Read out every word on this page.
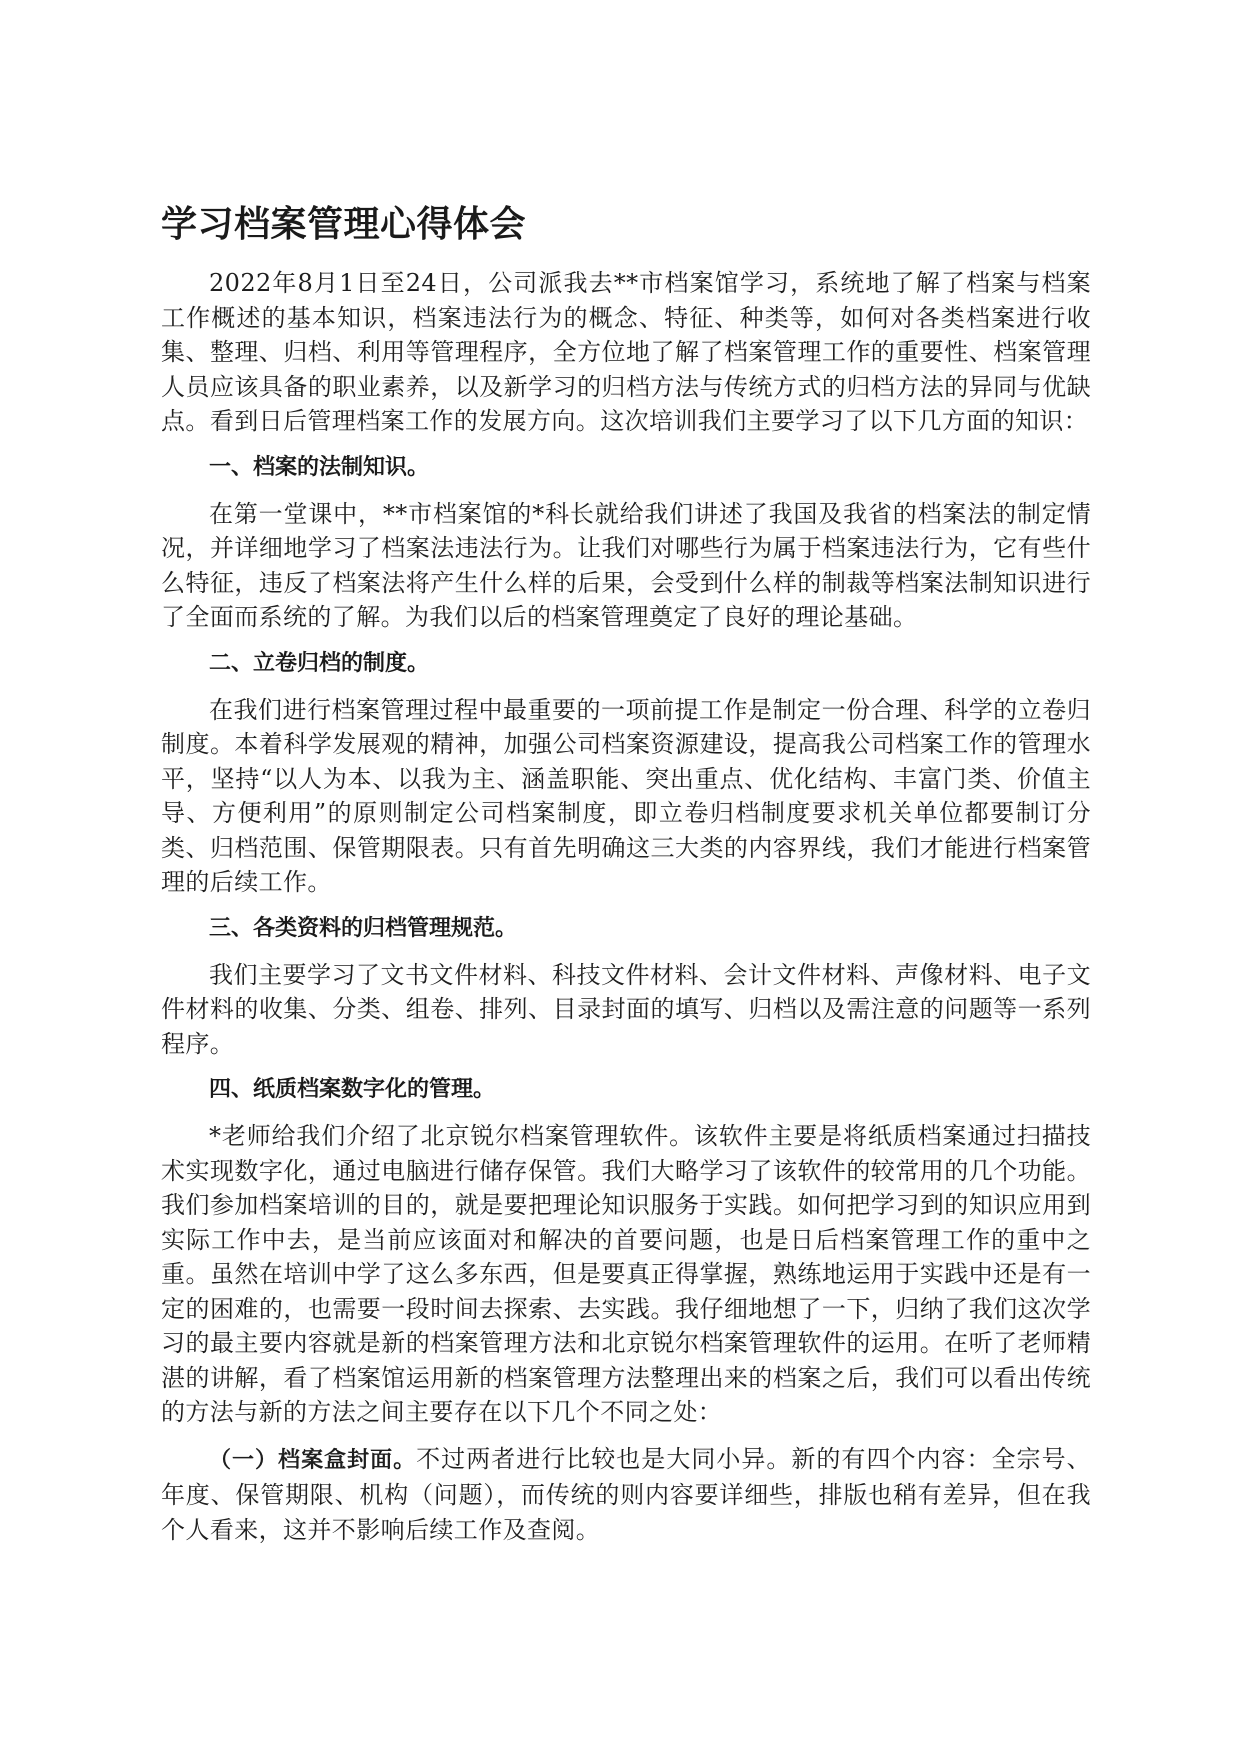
学习档案管理心得体会

2022年8月1日至24日，公司派我去**市档案馆学习，系统地了解了档案与档案工作概述的基本知识，档案违法行为的概念、特征、种类等，如何对各类档案进行收集、整理、归档、利用等管理程序，全方位地了解了档案管理工作的重要性、档案管理人员应该具备的职业素养，以及新学习的归档方法与传统方式的归档方法的异同与优缺点。看到日后管理档案工作的发展方向。这次培训我们主要学习了以下几方面的知识：

一、档案的法制知识。

在第一堂课中，**市档案馆的*科长就给我们讲述了我国及我省的档案法的制定情况，并详细地学习了档案法违法行为。让我们对哪些行为属于档案违法行为，它有些什么特征，违反了档案法将产生什么样的后果，会受到什么样的制裁等档案法制知识进行了全面而系统的了解。为我们以后的档案管理奠定了良好的理论基础。

二、立卷归档的制度。

在我们进行档案管理过程中最重要的一项前提工作是制定一份合理、科学的立卷归制度。本着科学发展观的精神，加强公司档案资源建设，提高我公司档案工作的管理水平，坚持“以人为本、以我为主、涵盖职能、突出重点、优化结构、丰富门类、价值主导、方便利用”的原则制定公司档案制度，即立卷归档制度要求机关单位都要制订分类、归档范围、保管期限表。只有首先明确这三大类的内容界线，我们才能进行档案管理的后续工作。

三、各类资料的归档管理规范。

我们主要学习了文书文件材料、科技文件材料、会计文件材料、声像材料、电子文件材料的收集、分类、组卷、排列、目录封面的填写、归档以及需注意的问题等一系列程序。

四、纸质档案数字化的管理。

*老师给我们介绍了北京锐尔档案管理软件。该软件主要是将纸质档案通过扫描技术实现数字化，通过电脑进行储存保管。我们大略学习了该软件的较常用的几个功能。我们参加档案培训的目的，就是要把理论知识服务于实践。如何把学习到的知识应用到实际工作中去，是当前应该面对和解决的首要问题，也是日后档案管理工作的重中之重。虽然在培训中学了这么多东西，但是要真正得掌握，熟练地运用于实践中还是有一定的困难的，也需要一段时间去探索、去实践。我仔细地想了一下，归纳了我们这次学习的最主要内容就是新的档案管理方法和北京锐尔档案管理软件的运用。在听了老师精湛的讲解，看了档案馆运用新的档案管理方法整理出来的档案之后，我们可以看出传统的方法与新的方法之间主要存在以下几个不同之处：

（一）档案盒封面。不过两者进行比较也是大同小异。新的有四个内容：全宗号、年度、保管期限、机构（问题），而传统的则内容要详细些，排版也稍有差异，但在我个人看来，这并不影响后续工作及查阅。
